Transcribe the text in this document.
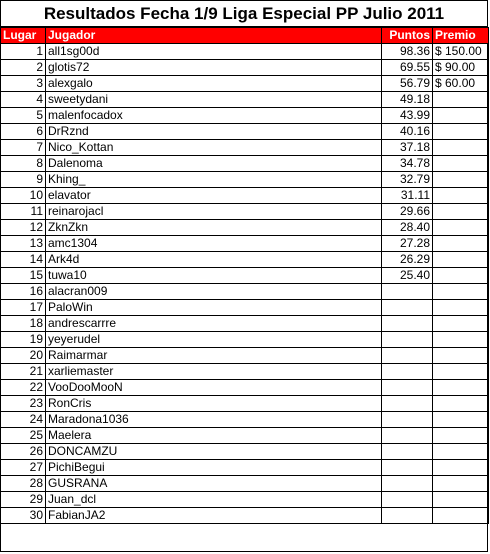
Resultados Fecha 1/9 Liga Especial PP Julio 2011
Lugar	Jugador	Puntos	Premio
1	all1sg00d	98.36	$ 150.00
2	glotis72	69.55	$ 90.00
3	alexgalo	56.79	$ 60.00
4	sweetydani	49.18	
5	malenfocadox	43.99	
6	DrRznd	40.16	
7	Nico_Kottan	37.18	
8	Dalenoma	34.78	
9	Khing_	32.79	
10	elavator	31.11	
11	reinarojacl	29.66	
12	ZknZkn	28.40	
13	amc1304	27.28	
14	Ark4d	26.29	
15	tuwa10	25.40	
16	alacran009		
17	PaloWin		
18	andrescarrre		
19	yeyerudel		
20	Raimarmar		
21	xarliemaster		
22	VooDooMooN		
23	RonCris		
24	Maradona1036		
25	Maelera		
26	DONCAMZU		
27	PichiBegui		
28	GUSRANA		
29	Juan_dcl		
30	FabianJA2		
